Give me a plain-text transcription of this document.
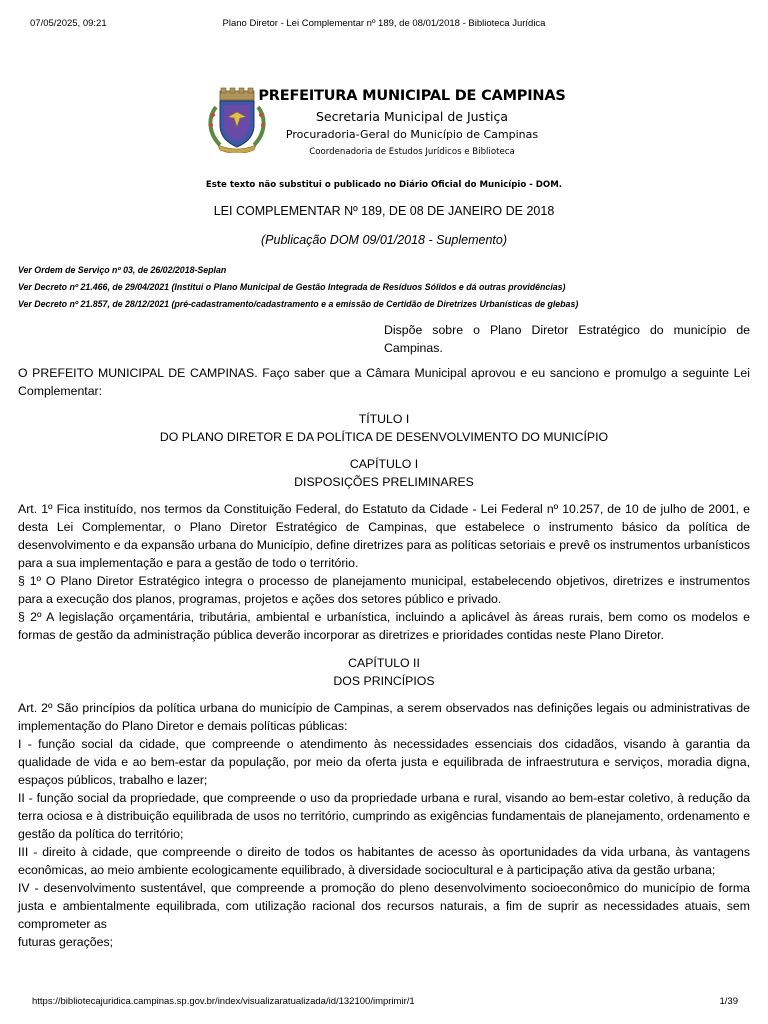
07/05/2025, 09:21	Plano Diretor - Lei Complementar nº 189, de 08/01/2018 - Biblioteca Jurídica
PREFEITURA MUNICIPAL DE CAMPINAS
Secretaria Municipal de Justiça
Procuradoria-Geral do Município de Campinas
Coordenadoria de Estudos Jurídicos e Biblioteca
Este texto não substitui o publicado no Diário Oficial do Município - DOM.
LEI COMPLEMENTAR Nº 189, DE 08 DE JANEIRO DE 2018
(Publicação DOM 09/01/2018 - Suplemento)
Ver Ordem de Serviço nº 03, de 26/02/2018-Seplan
Ver Decreto nº 21.466, de 29/04/2021 (Institui o Plano Municipal de Gestão Integrada de Resíduos Sólidos e dá outras providências)
Ver Decreto nº 21.857, de 28/12/2021 (pré-cadastramento/cadastramento e a emissão de Certidão de Diretrizes Urbanísticas de glebas)
Dispõe sobre o Plano Diretor Estratégico do município de Campinas.

O PREFEITO MUNICIPAL DE CAMPINAS. Faço saber que a Câmara Municipal aprovou e eu sanciono e promulgo a seguinte Lei Complementar:

TÍTULO I
DO PLANO DIRETOR E DA POLÍTICA DE DESENVOLVIMENTO DO MUNICÍPIO
CAPÍTULO I
DISPOSIÇÕES PRELIMINARES

Art. 1º Fica instituído, nos termos da Constituição Federal, do Estatuto da Cidade - Lei Federal nº 10.257, de 10 de julho de 2001, e desta Lei Complementar, o Plano Diretor Estratégico de Campinas, que estabelece o instrumento básico da política de desenvolvimento e da expansão urbana do Município, define diretrizes para as políticas setoriais e prevê os instrumentos urbanísticos para a sua implementação e para a gestão de todo o território.

§ 1º O Plano Diretor Estratégico integra o processo de planejamento municipal, estabelecendo objetivos, diretrizes e instrumentos para a execução dos planos, programas, projetos e ações dos setores público e privado.

§ 2º A legislação orçamentária, tributária, ambiental e urbanística, incluindo a aplicável às áreas rurais, bem como os modelos e formas de gestão da administração pública deverão incorporar as diretrizes e prioridades contidas neste Plano Diretor.

CAPÍTULO II
DOS PRINCÍPIOS

Art. 2º São princípios da política urbana do município de Campinas, a serem observados nas definições legais ou administrativas de implementação do Plano Diretor e demais políticas públicas:

I - função social da cidade, que compreende o atendimento às necessidades essenciais dos cidadãos, visando à garantia da qualidade de vida e ao bem-estar da população, por meio da oferta justa e equilibrada de infraestrutura e serviços, moradia digna, espaços públicos, trabalho e lazer;

II - função social da propriedade, que compreende o uso da propriedade urbana e rural, visando ao bem-estar coletivo, à redução da terra ociosa e à distribuição equilibrada de usos no território, cumprindo as exigências fundamentais de planejamento, ordenamento e gestão da política do território;

III - direito à cidade, que compreende o direito de todos os habitantes de acesso às oportunidades da vida urbana, às vantagens econômicas, ao meio ambiente ecologicamente equilibrado, à diversidade sociocultural e à participação ativa da gestão urbana;

IV - desenvolvimento sustentável, que compreende a promoção do pleno desenvolvimento socioeconômico do município de forma justa e ambientalmente equilibrada, com utilização racional dos recursos naturais, a fim de suprir as necessidades atuais, sem comprometer as

futuras gerações;

https://bibliotecajuridica.campinas.sp.gov.br/index/visualizaratualizada/id/132100/imprimir/1	1/39
